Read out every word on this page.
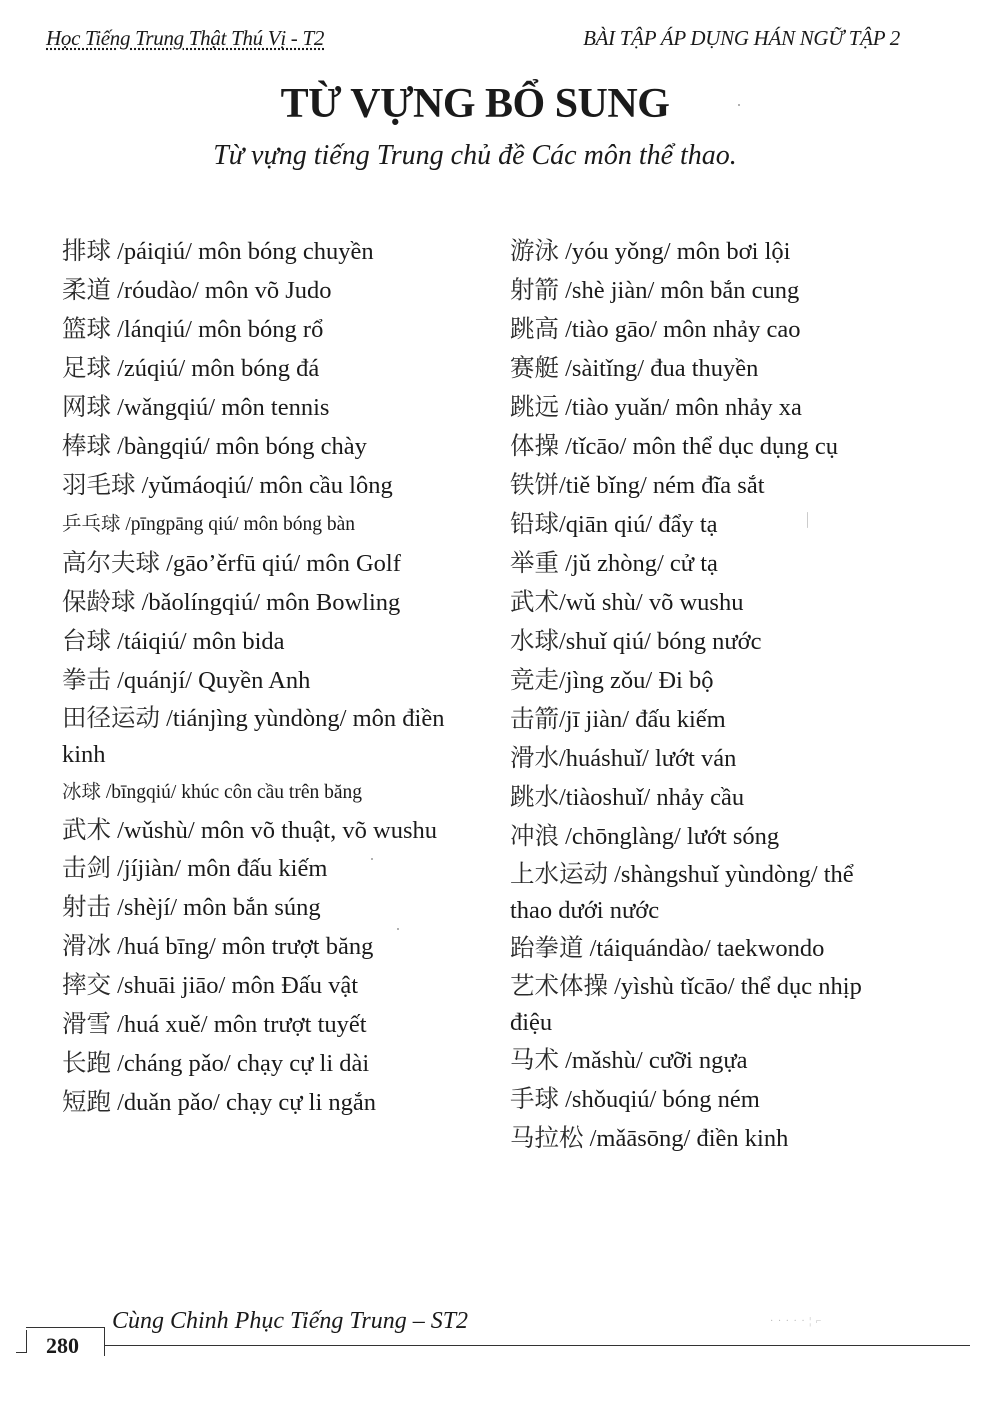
Học Tiếng Trung Thật Thú Vị - T2	BÀI TẬP ÁP DỤNG HÁN NGỮ TẬP 2
TỪ VỰNG BỔ SUNG
Từ vựng tiếng Trung chủ đề Các môn thể thao.
排球 /páiqiú/ môn bóng chuyền
柔道 /róudào/ môn võ Judo
篮球 /lánqiú/ môn bóng rổ
足球 /zúqiú/ môn bóng đá
网球 /wǎngqiú/ môn tennis
棒球 /bàngqiú/ môn bóng chày
羽毛球 /yǔmáoqiú/ môn cầu lông
乒乓球 /pīngpāng qiú/ môn bóng bàn
高尔夫球 /gāo’ěrfū qiú/ môn Golf
保龄球 /bǎolíngqiú/ môn Bowling
台球 /táiqiú/ môn bida
拳击 /quánjí/ Quyền Anh
田径运动 /tiánjìng yùndòng/ môn điền kinh
冰球 /bīngqiú/ khúc côn cầu trên băng
武术 /wǔshù/ môn võ thuật, võ wushu
击剑 /jíjiàn/ môn đấu kiếm
射击 /shèjí/ môn bắn súng
滑冰 /huá bīng/ môn trượt băng
摔交 /shuāi jiāo/ môn Đấu vật
滑雪 /huá xuě/ môn trượt tuyết
长跑 /cháng pǎo/ chạy cự li dài
短跑 /duǎn pǎo/ chạy cự li ngắn
游泳 /yóu yǒng/ môn bơi lội
射箭 /shè jiàn/ môn bắn cung
跳高 /tiào gāo/ môn nhảy cao
赛艇 /sàitǐng/ đua thuyền
跳远 /tiào yuǎn/ môn nhảy xa
体操 /tǐcāo/ môn thể dục dụng cụ
铁饼/tiě bǐng/ ném đĩa sắt
铅球/qiān qiú/ đẩy tạ
举重 /jǔ zhòng/ cử tạ
武术/wǔ shù/ võ wushu
水球/shuǐ qiú/ bóng nước
竞走/jìng zǒu/ Đi bộ
击箭/jī jiàn/ đấu kiếm
滑水/huáshuǐ/ lướt ván
跳水/tiàoshuǐ/ nhảy cầu
冲浪 /chōnglàng/ lướt sóng
上水运动 /shàngshuǐ yùndòng/ thể thao dưới nước
跆拳道 /táiquándào/ taekwondo
艺术体操 /yìshù tǐcāo/ thể dục nhịp điệu
马术 /mǎshù/ cưỡi ngựa
手球 /shǒuqiú/ bóng ném
马拉松 /mǎāsōng/ điền kinh
Cùng Chinh Phục Tiếng Trung – ST2
280
· · · · · ¦ ⌐
